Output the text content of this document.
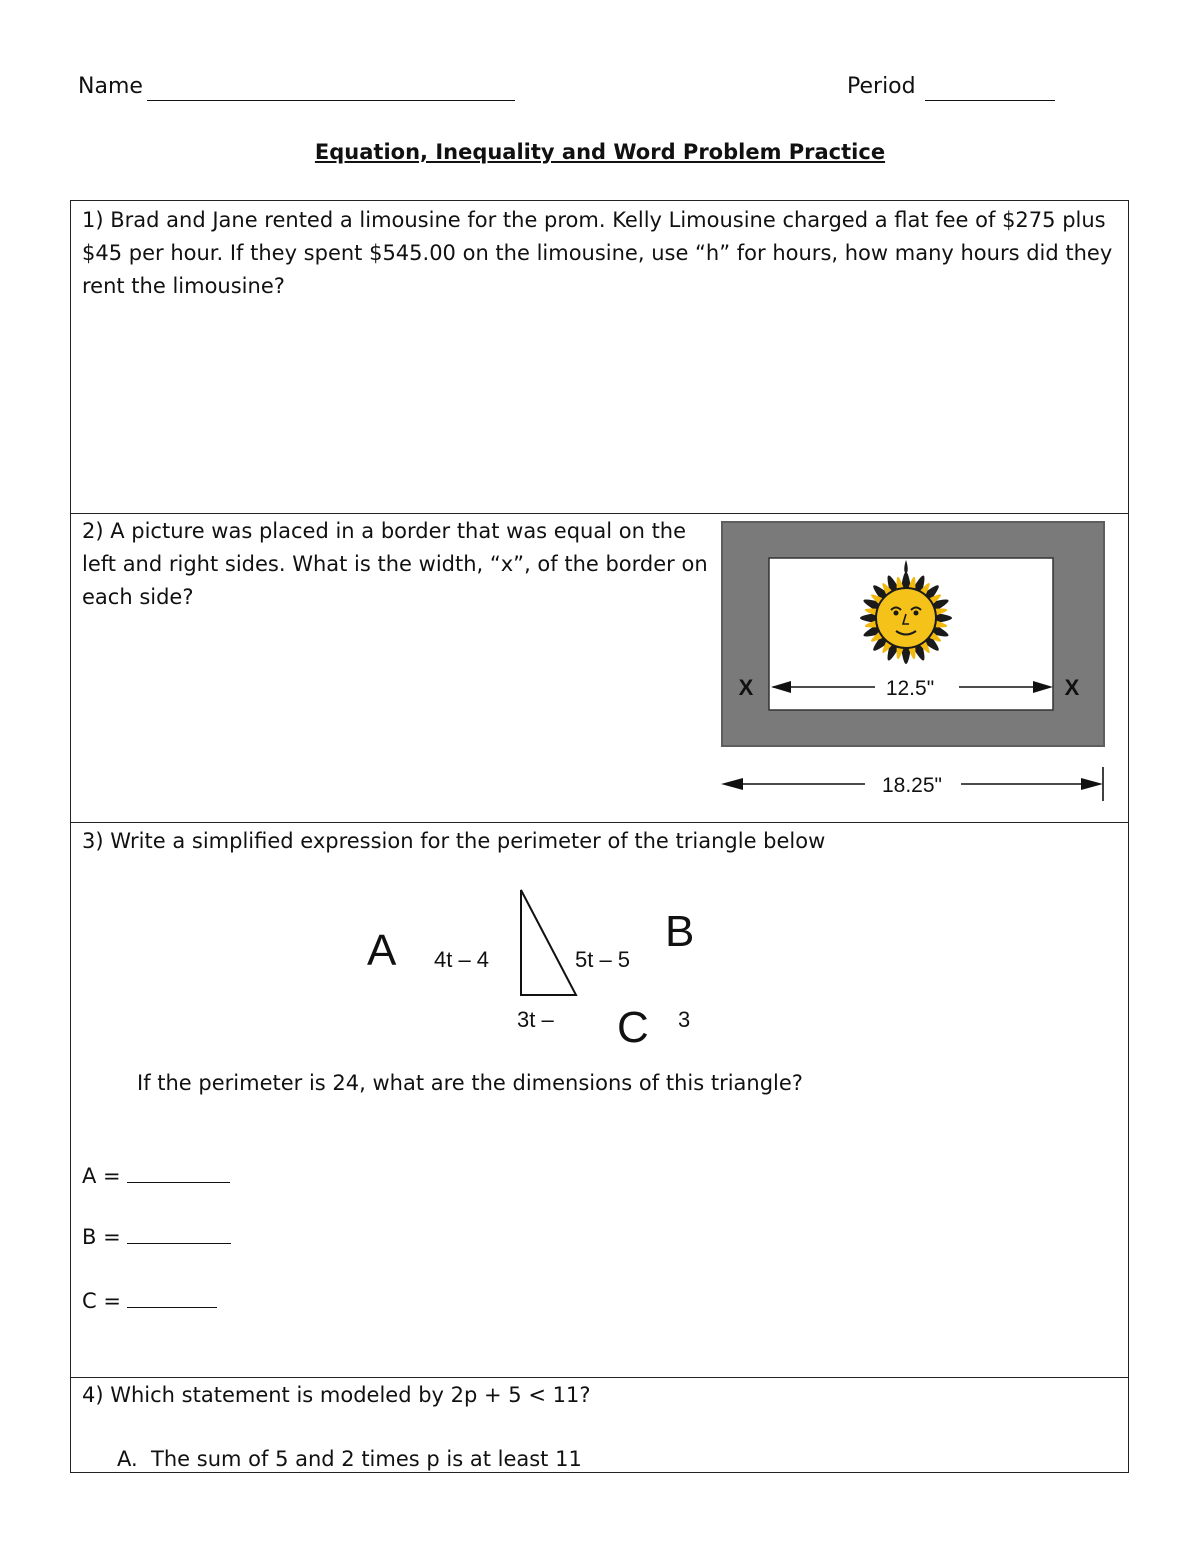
Name	Period
Equation, Inequality and Word Problem Practice
1) Brad and Jane rented a limousine for the prom. Kelly Limousine charged a flat fee of $275 plus $45 per hour. If they spent $545.00 on the limousine, use “h” for hours, how many hours did they rent the limousine?
2) A picture was placed in a border that was equal on the left and right sides. What is the width, “x”, of the border on each side?
12.5"
X	X
18.25"
3) Write a simplified expression for the perimeter of the triangle below
A	B
C
4t – 4	5t – 5
3t –	3
If the perimeter is 24, what are the dimensions of this triangle?
A =
B =
C =
4) Which statement is modeled by 2p + 5 < 11?
A. The sum of 5 and 2 times p is at least 11
